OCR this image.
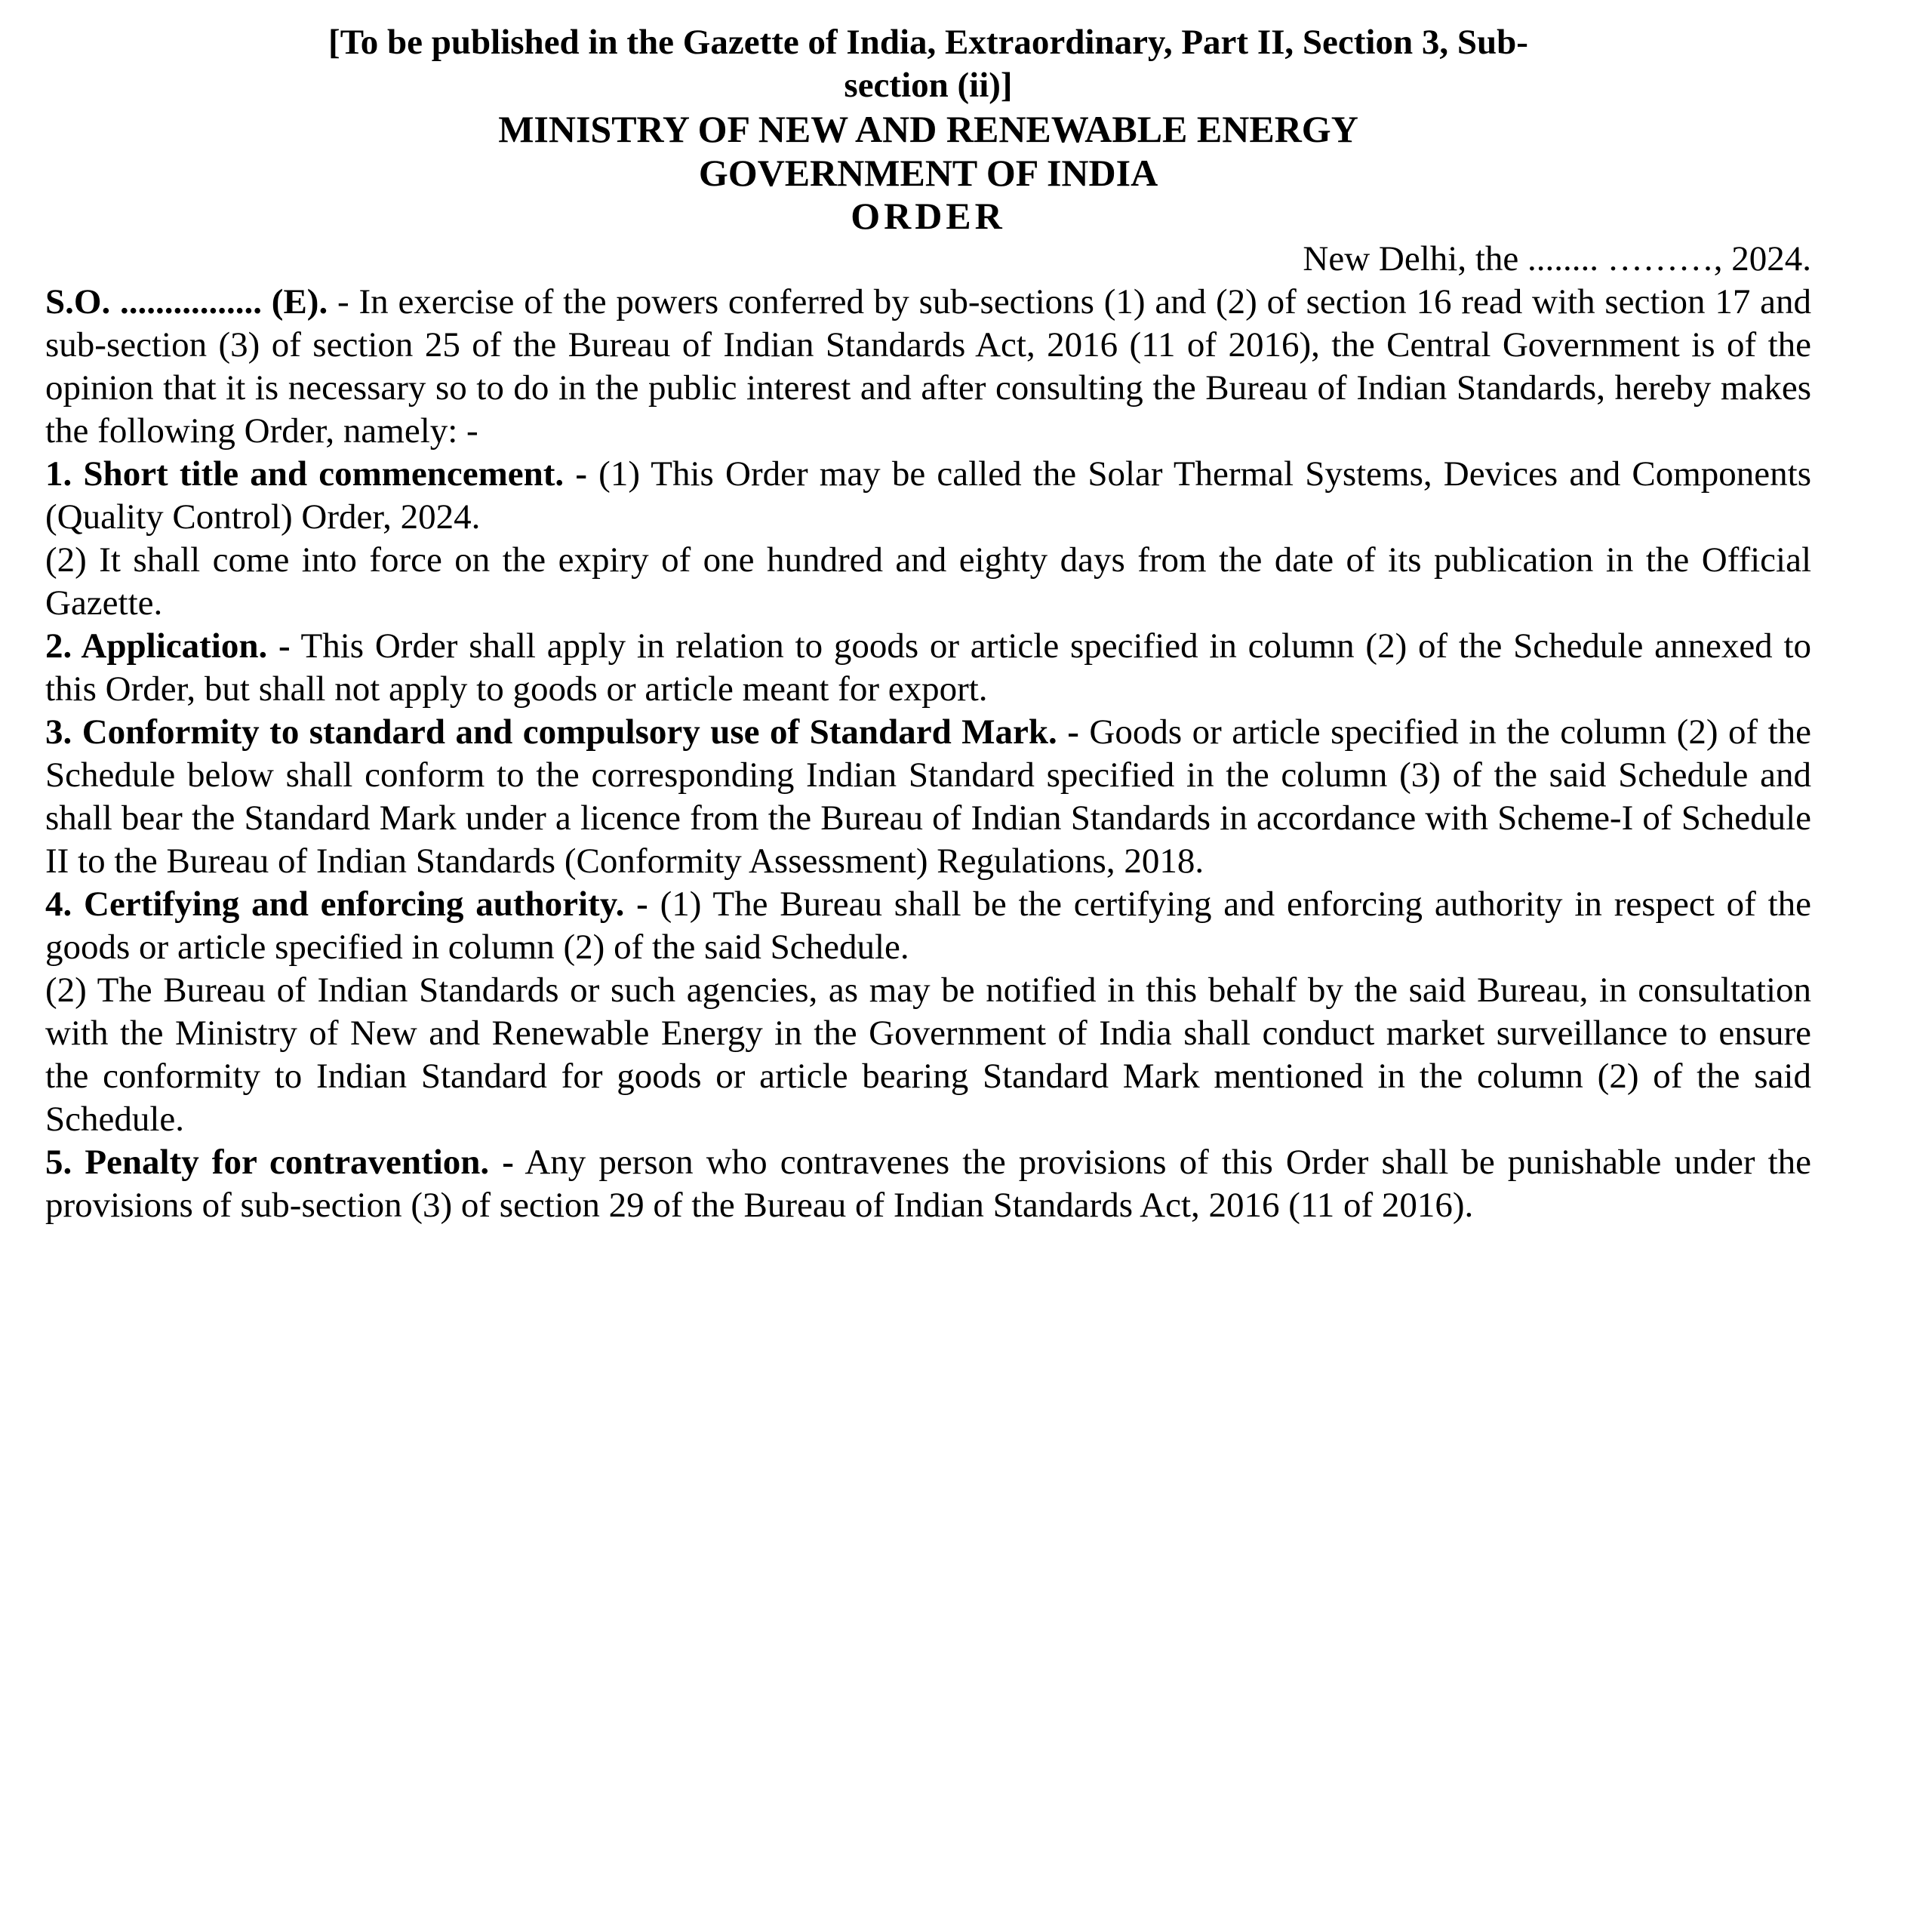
[To be published in the Gazette of India, Extraordinary, Part II, Section 3, Sub-
section (ii)]

MINISTRY OF NEW AND RENEWABLE ENERGY
GOVERNMENT OF INDIA

ORDER

New Delhi, the ........ ………, 2024.

S.O. ................ (E). - In exercise of the powers conferred by sub-sections (1) and (2) of section 16 read with section 17 and sub-section (3) of section 25 of the Bureau of Indian Standards Act, 2016 (11 of 2016), the Central Government is of the opinion that it is necessary so to do in the public interest and after consulting the Bureau of Indian Standards, hereby makes the following Order, namely: -

1. Short title and commencement. - (1) This Order may be called the Solar Thermal Systems, Devices and Components (Quality Control) Order, 2024.

(2) It shall come into force on the expiry of one hundred and eighty days from the date of its publication in the Official Gazette.

2. Application. - This Order shall apply in relation to goods or article specified in column (2) of the Schedule annexed to this Order, but shall not apply to goods or article meant for export.

3. Conformity to standard and compulsory use of Standard Mark. - Goods or article specified in the column (2) of the Schedule below shall conform to the corresponding Indian Standard specified in the column (3) of the said Schedule and shall bear the Standard Mark under a licence from the Bureau of Indian Standards in accordance with Scheme-I of Schedule II to the Bureau of Indian Standards (Conformity Assessment) Regulations, 2018.

4. Certifying and enforcing authority. - (1) The Bureau shall be the certifying and enforcing authority in respect of the goods or article specified in column (2) of the said Schedule.

(2) The Bureau of Indian Standards or such agencies, as may be notified in this behalf by the said Bureau, in consultation with the Ministry of New and Renewable Energy in the Government of India shall conduct market surveillance to ensure the conformity to Indian Standard for goods or article bearing Standard Mark mentioned in the column (2) of the said Schedule.

5. Penalty for contravention. - Any person who contravenes the provisions of this Order shall be punishable under the provisions of sub-section (3) of section 29 of the Bureau of Indian Standards Act, 2016 (11 of 2016).
